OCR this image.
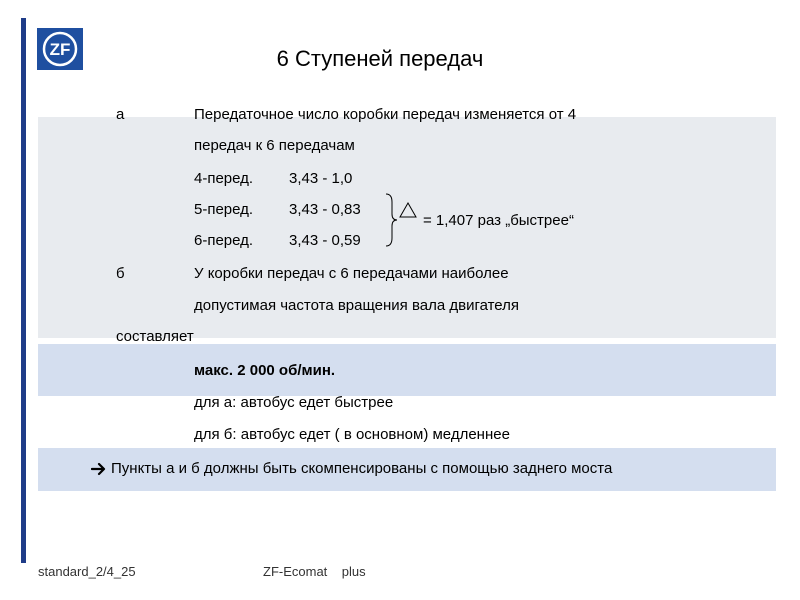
ZF	6 Ступеней передач
а	Передаточное число коробки передач изменяется от 4
передач к 6 передачам
4-перед. 3,43 - 1,0
5-перед. 3,43 - 0,83
6-перед. 3,43 - 0,59
= 1,407 раз „быстрее“
б	У коробки передач с 6 передачами наиболее
допустимая частота вращения вала двигателя
составляет
макс. 2 000 об/мин.
для а: автобус едет быстрее
для б: автобус едет ( в основном) медленнее
Пункты а и б должны быть скомпенсированы с помощью заднего моста
standard_2/4_25	ZF-Ecomat    plus
